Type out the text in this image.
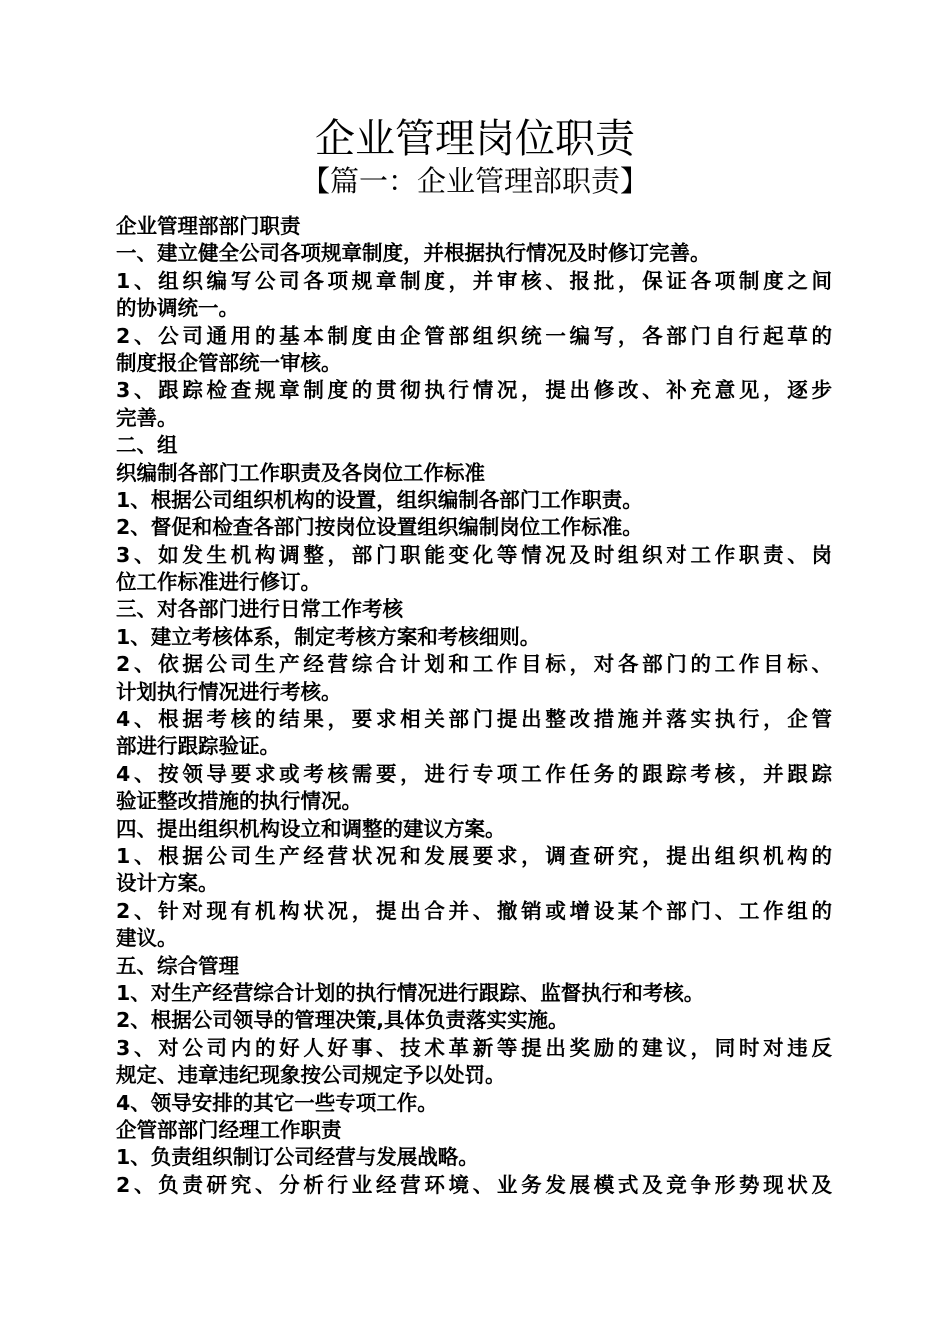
企业管理岗位职责
【篇一：企业管理部职责】
企业管理部部门职责
一、建立健全公司各项规章制度，并根据执行情况及时修订完善。
1、组织编写公司各项规章制度，并审核、报批，保证各项制度之间
的协调统一。
2、公司通用的基本制度由企管部组织统一编写，各部门自行起草的
制度报企管部统一审核。
3、跟踪检查规章制度的贯彻执行情况，提出修改、补充意见，逐步
完善。
二、组
织编制各部门工作职责及各岗位工作标准
1、根据公司组织机构的设置，组织编制各部门工作职责。
2、督促和检查各部门按岗位设置组织编制岗位工作标准。
3、如发生机构调整，部门职能变化等情况及时组织对工作职责、岗
位工作标准进行修订。
三、对各部门进行日常工作考核
1、建立考核体系，制定考核方案和考核细则。
2、依据公司生产经营综合计划和工作目标，对各部门的工作目标、
计划执行情况进行考核。
4、根据考核的结果，要求相关部门提出整改措施并落实执行，企管
部进行跟踪验证。
4、按领导要求或考核需要，进行专项工作任务的跟踪考核，并跟踪
验证整改措施的执行情况。
四、提出组织机构设立和调整的建议方案。
1、根据公司生产经营状况和发展要求，调查研究，提出组织机构的
设计方案。
2、针对现有机构状况，提出合并、撤销或增设某个部门、工作组的
建议。
五、综合管理
1、对生产经营综合计划的执行情况进行跟踪、监督执行和考核。
2、根据公司领导的管理决策,具体负责落实实施。
3、对公司内的好人好事、技术革新等提出奖励的建议，同时对违反
规定、违章违纪现象按公司规定予以处罚。
4、领导安排的其它一些专项工作。
企管部部门经理工作职责
1、负责组织制订公司经营与发展战略。
2、负责研究、分析行业经营环境、业务发展模式及竞争形势现状及
